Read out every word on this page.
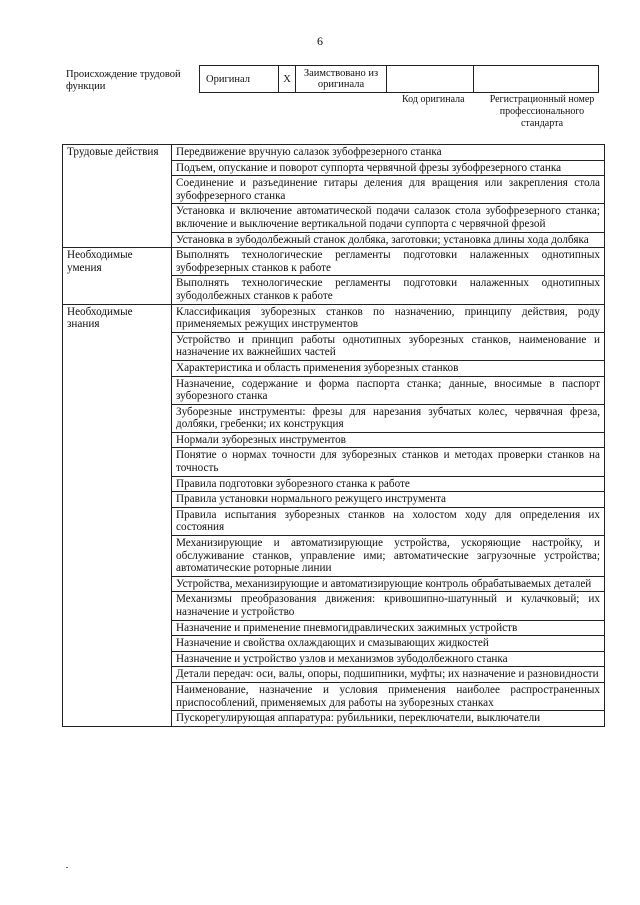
6
Происхождение трудовой функции
Оригинал	X	Заимствовано из оригинала		
Код оригинала	Регистрационный номер профессионального стандарта
Трудовые действия	Передвижение вручную салазок зубофрезерного станка
	Подъем, опускание и поворот суппорта червячной фрезы зубофрезерного станка
	Соединение и разъединение гитары деления для вращения или закрепления стола зубофрезерного станка
	Установка и включение автоматической подачи салазок стола зубофрезерного станка; включение и выключение вертикальной подачи суппорта с червячной фрезой
	Установка в зубодолбежный станок долбяка, заготовки; установка длины хода долбяка
Необходимые умения	Выполнять технологические регламенты подготовки налаженных однотипных зубофрезерных станков к работе
	Выполнять технологические регламенты подготовки налаженных однотипных зубодолбежных станков к работе
Необходимые знания	Классификация зуборезных станков по назначению, принципу действия, роду применяемых режущих инструментов
	Устройство и принцип работы однотипных зуборезных станков, наименование и назначение их важнейших частей
	Характеристика и область применения зуборезных станков
	Назначение, содержание и форма паспорта станка; данные, вносимые в паспорт зуборезного станка
	Зуборезные инструменты: фрезы для нарезания зубчатых колес, червячная фреза, долбяки, гребенки; их конструкция
	Нормали зуборезных инструментов
	Понятие о нормах точности для зуборезных станков и методах проверки станков на точность
	Правила подготовки зуборезного станка к работе
	Правила установки нормального режущего инструмента
	Правила испытания зуборезных станков на холостом ходу для определения их состояния
	Механизирующие и автоматизирующие устройства, ускоряющие настройку, и обслуживание станков, управление ими; автоматические загрузочные устройства; автоматические роторные линии
	Устройства, механизирующие и автоматизирующие контроль обрабатываемых деталей
	Механизмы преобразования движения: кривошипно-шатунный и кулачковый; их назначение и устройство
	Назначение и применение пневмогидравлических зажимных устройств
	Назначение и свойства охлаждающих и смазывающих жидкостей
	Назначение и устройство узлов и механизмов зубодолбежного станка
	Детали передач: оси, валы, опоры, подшипники, муфты; их назначение и разновидности
	Наименование, назначение и условия применения наиболее распространенных приспособлений, применяемых для работы на зуборезных станках
	Пускорегулирующая аппаратура: рубильники, переключатели, выключатели
